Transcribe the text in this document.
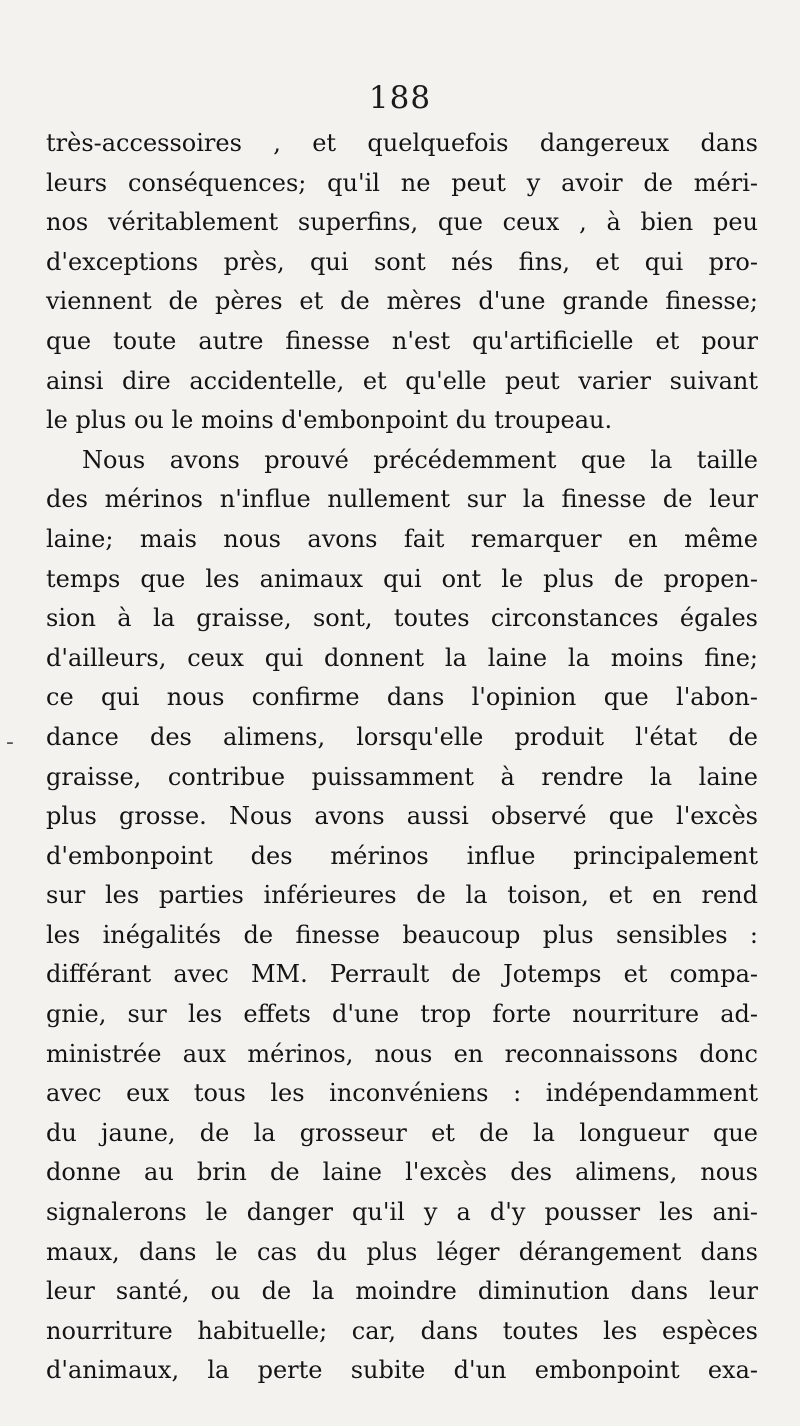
188
-
très-accessoires , et quelquefois dangereux dans
leurs conséquences; qu'il ne peut y avoir de méri-
nos véritablement superfins, que ceux , à bien peu
d'exceptions près, qui sont nés fins, et qui pro-
viennent de pères et de mères d'une grande finesse;
que toute autre finesse n'est qu'artificielle et pour
ainsi dire accidentelle, et qu'elle peut varier suivant
le plus ou le moins d'embonpoint du troupeau.
Nous avons prouvé précédemment que la taille
des mérinos n'influe nullement sur la finesse de leur
laine; mais nous avons fait remarquer en même
temps que les animaux qui ont le plus de propen-
sion à la graisse, sont, toutes circonstances égales
d'ailleurs, ceux qui donnent la laine la moins fine;
ce qui nous confirme dans l'opinion que l'abon-
dance des alimens, lorsqu'elle produit l'état de
graisse, contribue puissamment à rendre la laine
plus grosse. Nous avons aussi observé que l'excès
d'embonpoint des mérinos influe principalement
sur les parties inférieures de la toison, et en rend
les inégalités de finesse beaucoup plus sensibles :
différant avec MM. Perrault de Jotemps et compa-
gnie, sur les effets d'une trop forte nourriture ad-
ministrée aux mérinos, nous en reconnaissons donc
avec eux tous les inconvéniens : indépendamment
du jaune, de la grosseur et de la longueur que
donne au brin de laine l'excès des alimens, nous
signalerons le danger qu'il y a d'y pousser les ani-
maux, dans le cas du plus léger dérangement dans
leur santé, ou de la moindre diminution dans leur
nourriture habituelle; car, dans toutes les espèces
d'animaux, la perte subite d'un embonpoint exa-
